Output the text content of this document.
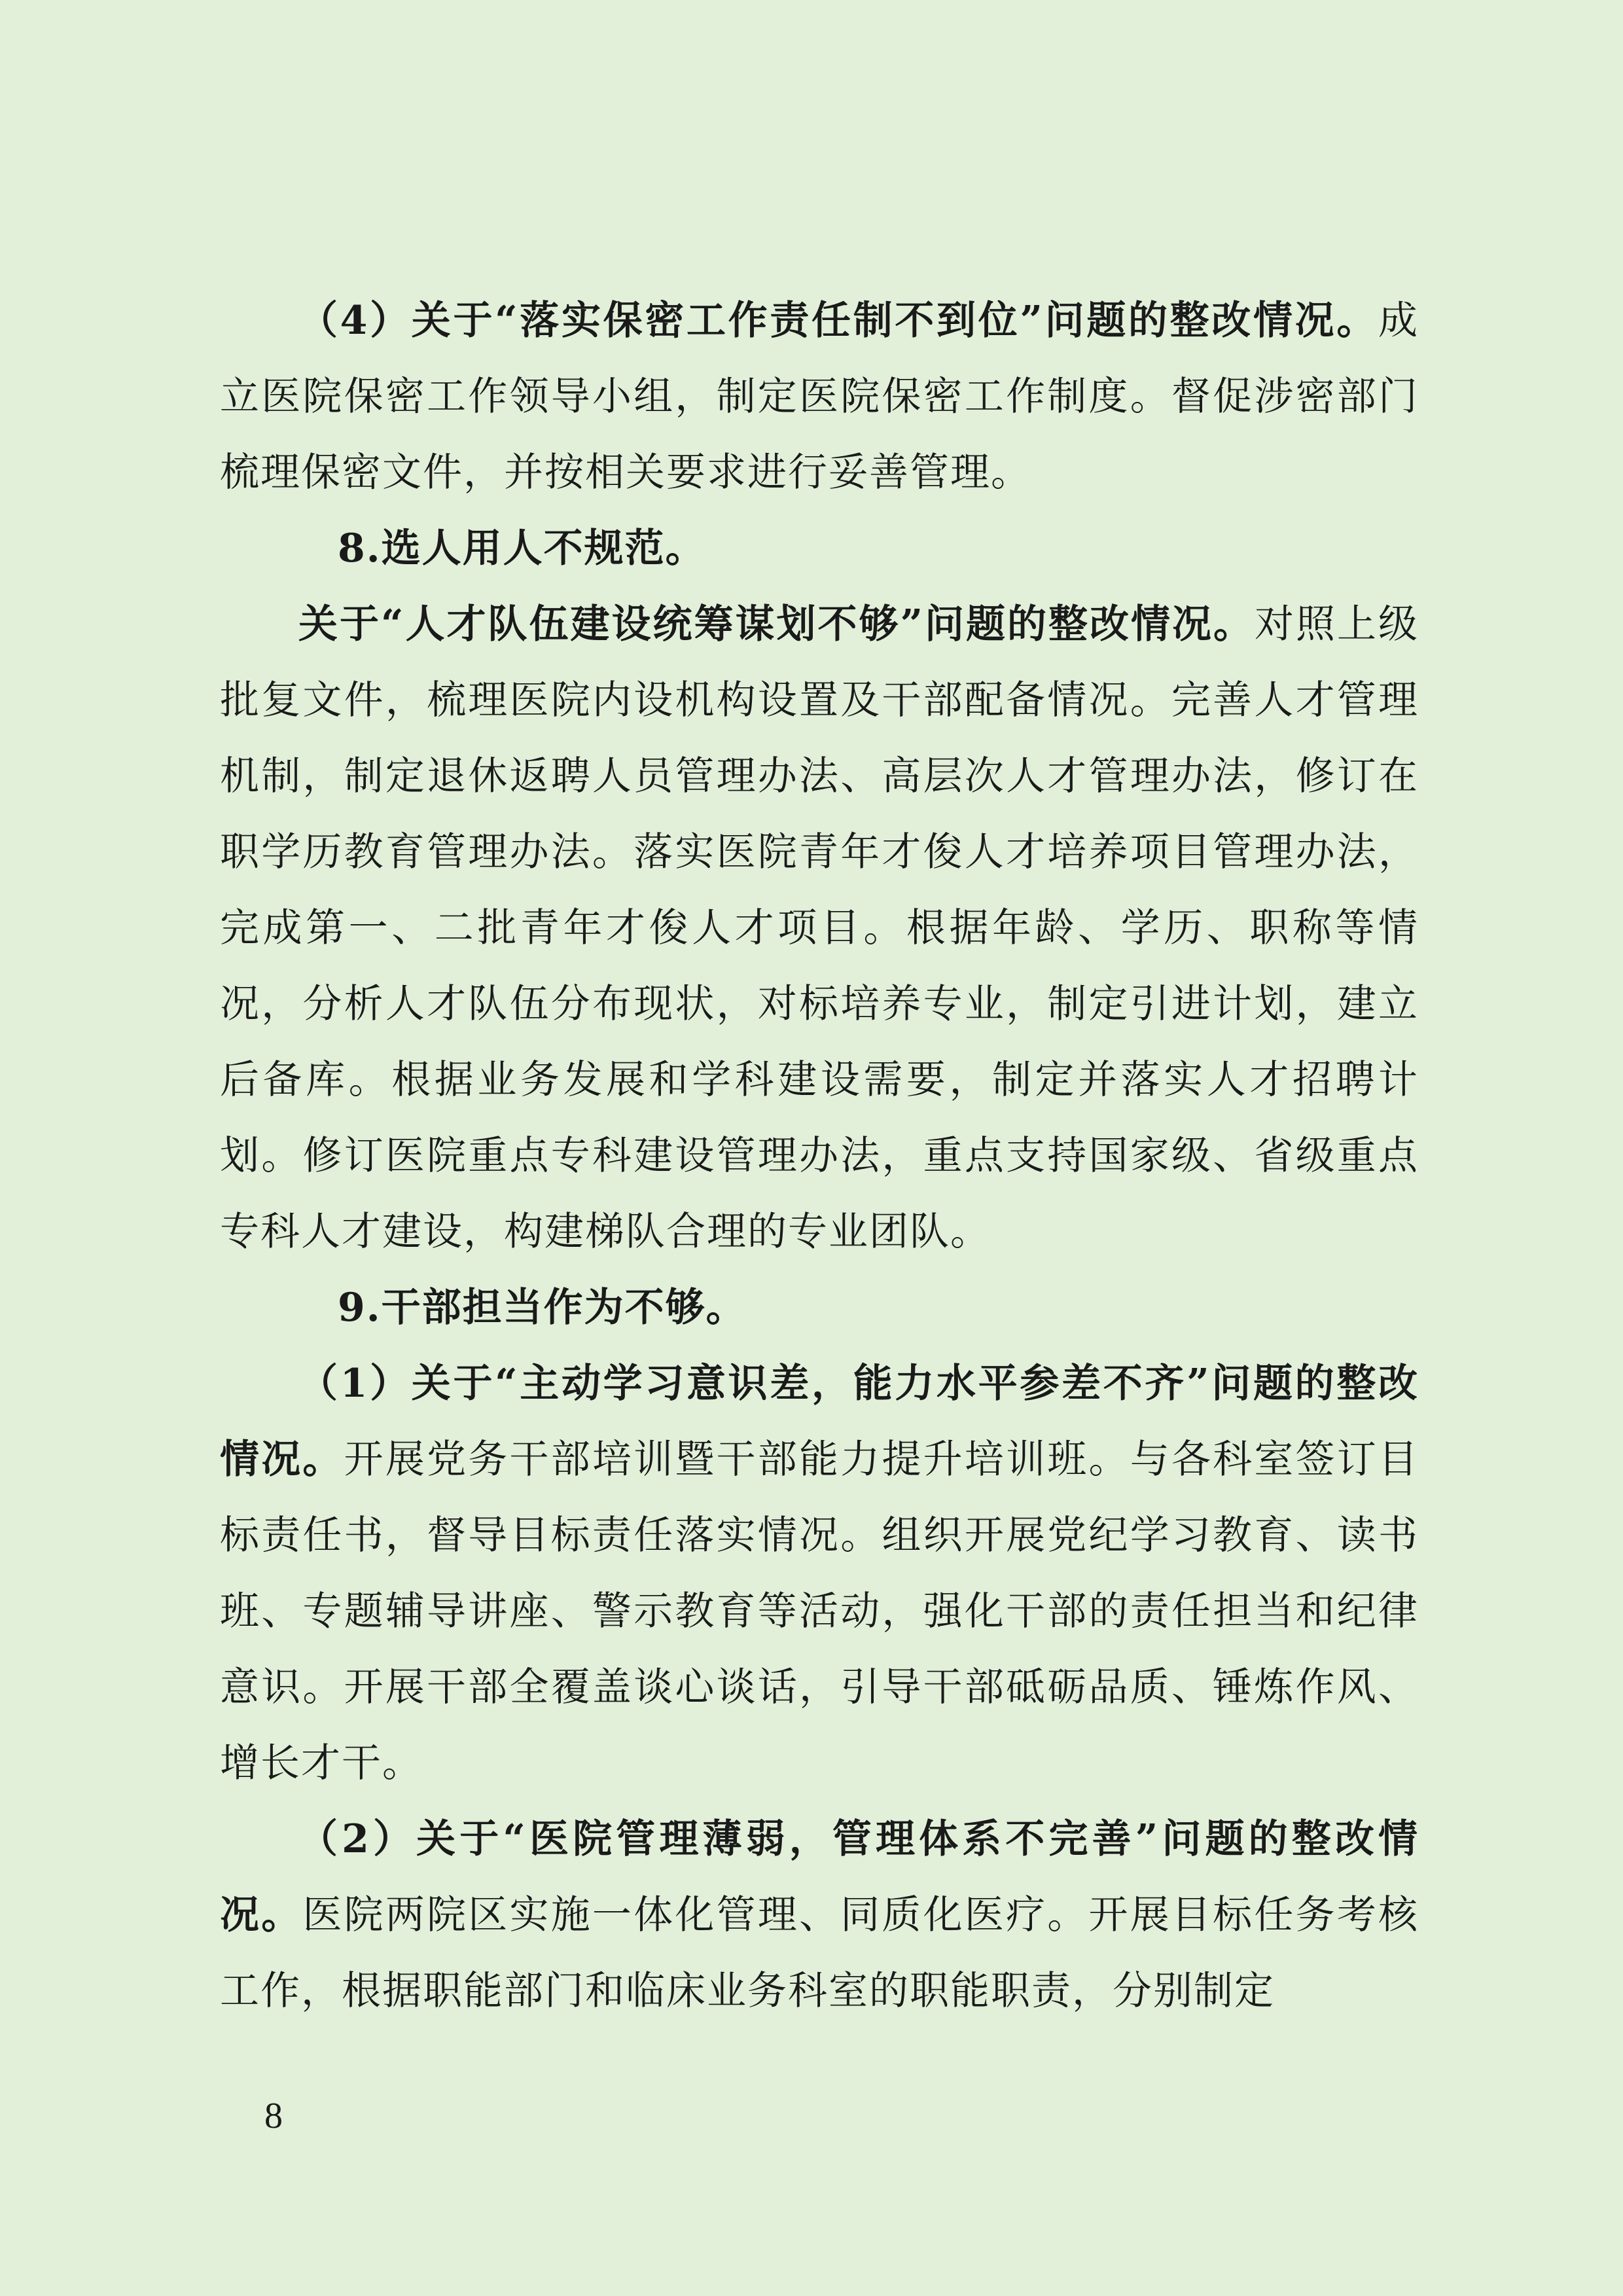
（4）关于“落实保密工作责任制不到位”问题的整改情况。成立医院保密工作领导小组，制定医院保密工作制度。督促涉密部门梳理保密文件，并按相关要求进行妥善管理。

8.选人用人不规范。

关于“人才队伍建设统筹谋划不够”问题的整改情况。对照上级批复文件，梳理医院内设机构设置及干部配备情况。完善人才管理机制，制定退休返聘人员管理办法、高层次人才管理办法，修订在职学历教育管理办法。落实医院青年才俊人才培养项目管理办法，完成第一、二批青年才俊人才项目。根据年龄、学历、职称等情况，分析人才队伍分布现状，对标培养专业，制定引进计划，建立后备库。根据业务发展和学科建设需要，制定并落实人才招聘计划。修订医院重点专科建设管理办法，重点支持国家级、省级重点专科人才建设，构建梯队合理的专业团队。

9.干部担当作为不够。

（1）关于“主动学习意识差，能力水平参差不齐”问题的整改情况。开展党务干部培训暨干部能力提升培训班。与各科室签订目标责任书，督导目标责任落实情况。组织开展党纪学习教育、读书班、专题辅导讲座、警示教育等活动，强化干部的责任担当和纪律意识。开展干部全覆盖谈心谈话，引导干部砥砺品质、锤炼作风、增长才干。

（2）关于“医院管理薄弱，管理体系不完善”问题的整改情况。医院两院区实施一体化管理、同质化医疗。开展目标任务考核工作，根据职能部门和临床业务科室的职能职责，分别制定

8
